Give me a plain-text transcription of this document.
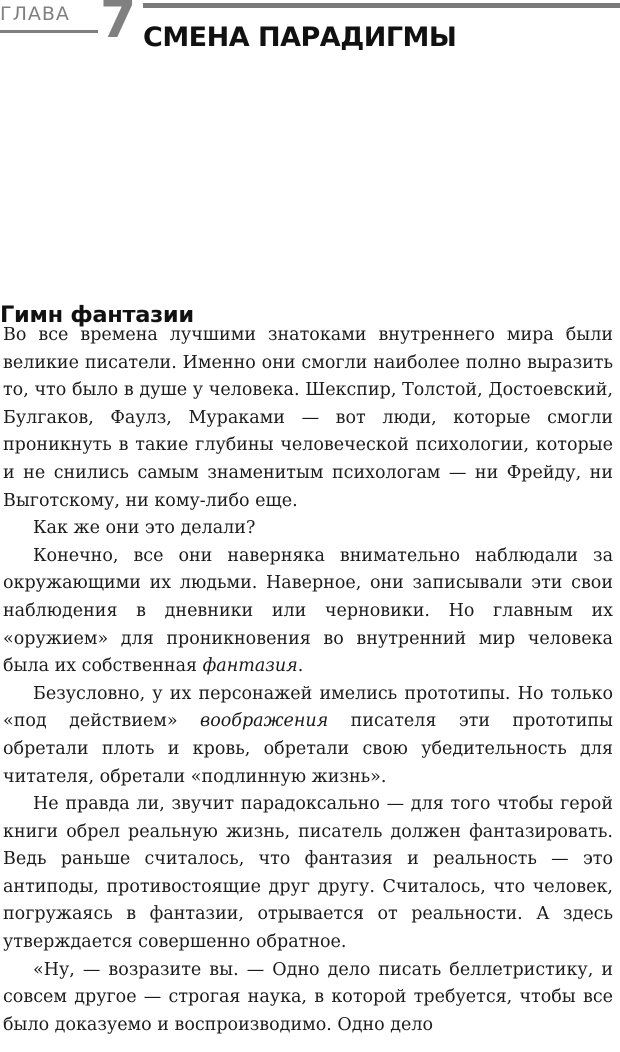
ГЛАВА 7 СМЕНА ПАРАДИГМЫ
Гимн фантазии

Во все времена лучшими знатоками внутреннего мира были великие писатели. Именно они смогли наиболее полно выразить то, что было в душе у человека. Шекспир, Толстой, Достоевский, Булгаков, Фаулз, Мураками — вот люди, которые смогли проникнуть в такие глубины человеческой психологии, которые и не снились самым знаменитым психологам — ни Фрейду, ни Выготскому, ни кому-либо еще.

Как же они это делали?

Конечно, все они наверняка внимательно наблюдали за окружающими их людьми. Наверное, они записывали эти свои наблюдения в дневники или черновики. Но главным их «оружием» для проникновения во внутренний мир человека была их собственная фантазия.

Безусловно, у их персонажей имелись прототипы. Но только «под действием» воображения писателя эти прототипы обретали плоть и кровь, обретали свою убедительность для читателя, обретали «подлинную жизнь».

Не правда ли, звучит парадоксально — для того чтобы герой книги обрел реальную жизнь, писатель должен фантазировать. Ведь раньше считалось, что фантазия и реальность — это антиподы, противостоящие друг другу. Считалось, что человек, погружаясь в фантазии, отрывается от реальности. А здесь утверждается совершенно обратное.

«Ну, — возразите вы. — Одно дело писать беллетристику, и совсем другое — строгая наука, в которой требуется, чтобы все было доказуемо и воспроизводимо. Одно дело
